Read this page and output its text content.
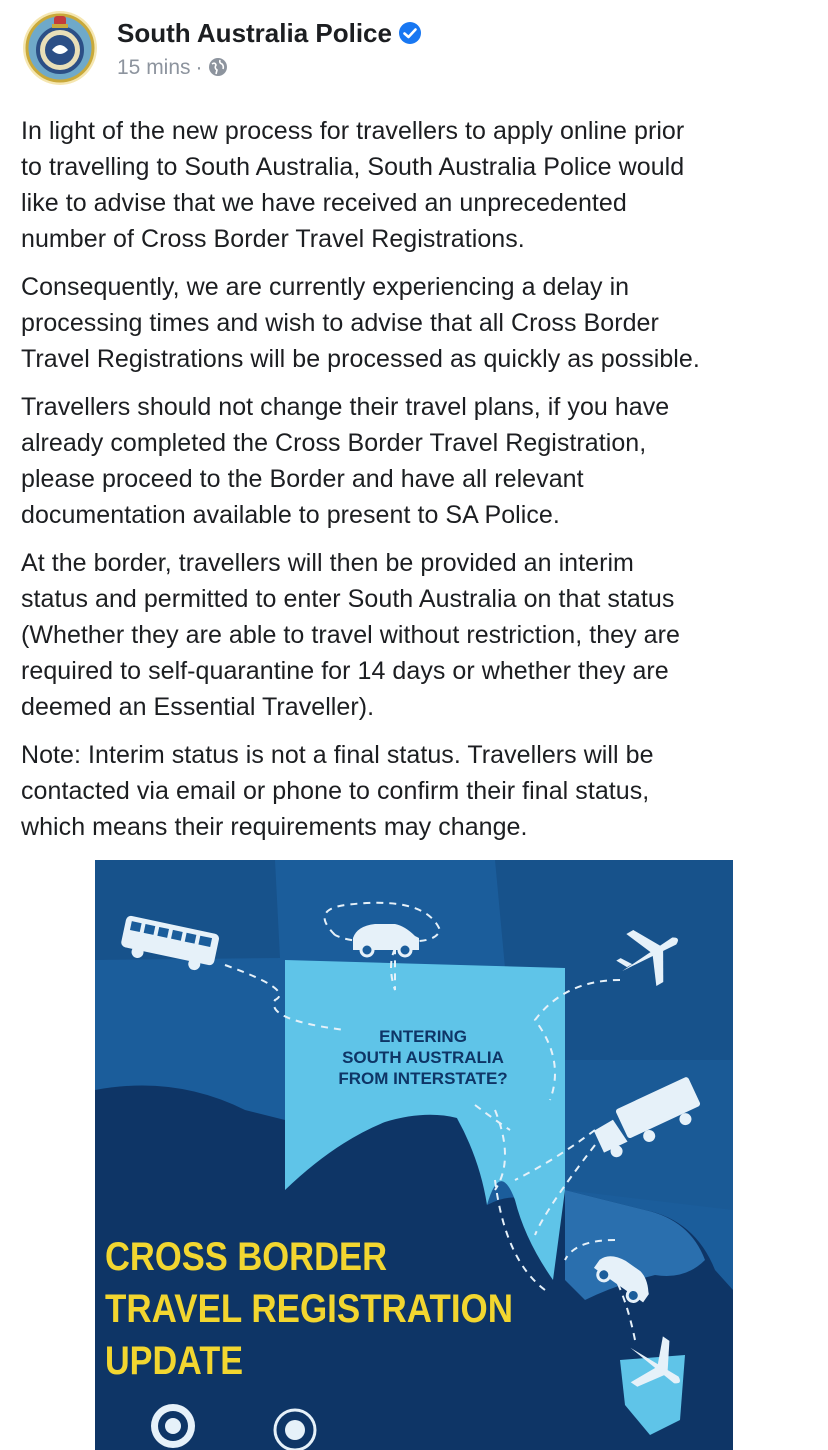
South Australia Police
15 mins ·

In light of the new process for travellers to apply online prior
to travelling to South Australia, South Australia Police would
like to advise that we have received an unprecedented
number of Cross Border Travel Registrations.

Consequently, we are currently experiencing a delay in
processing times and wish to advise that all Cross Border
Travel Registrations will be processed as quickly as possible.

Travellers should not change their travel plans, if you have
already completed the Cross Border Travel Registration,
please proceed to the Border and have all relevant
documentation available to present to SA Police.

At the border, travellers will then be provided an interim
status and permitted to enter South Australia on that status
(Whether they are able to travel without restriction, they are
required to self-quarantine for 14 days or whether they are
deemed an Essential Traveller).

Note: Interim status is not a final status. Travellers will be
contacted via email or phone to confirm their final status,
which means their requirements may change.

ENTERING
SOUTH AUSTRALIA
FROM INTERSTATE?
CROSS BORDER
TRAVEL REGISTRATION
UPDATE
